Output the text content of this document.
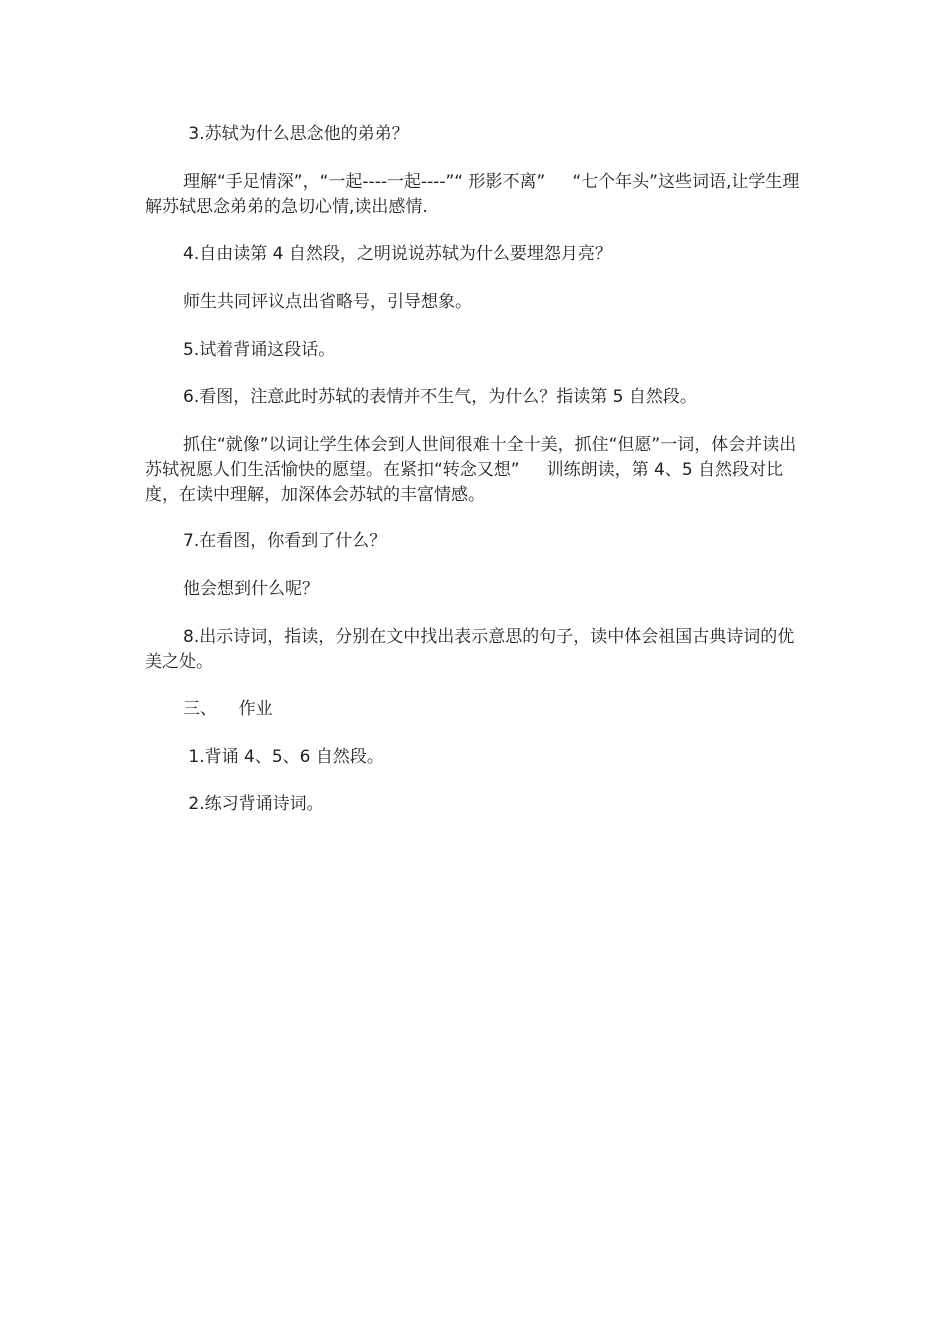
3.苏轼为什么思念他的弟弟？

理解“手足情深”，“一起----一起----”“ 形影不离”     “七个年头”这些词语,让学生理解苏轼思念弟弟的急切心情,读出感情.

4.自由读第 4 自然段，之明说说苏轼为什么要埋怨月亮？

师生共同评议点出省略号，引导想象。

5.试着背诵这段话。

6.看图，注意此时苏轼的表情并不生气，为什么？指读第 5 自然段。

抓住“就像”以词让学生体会到人世间很难十全十美，抓住“但愿”一词，体会并读出苏轼祝愿人们生活愉快的愿望。在紧扣“转念又想”     训练朗读，第 4、5 自然段对比度，在读中理解，加深体会苏轼的丰富情感。

7.在看图，你看到了什么？

他会想到什么呢？

8.出示诗词，指读，分别在文中找出表示意思的句子，读中体会祖国古典诗词的优美之处。

三、    作业

1.背诵 4、5、6 自然段。

2.练习背诵诗词。
